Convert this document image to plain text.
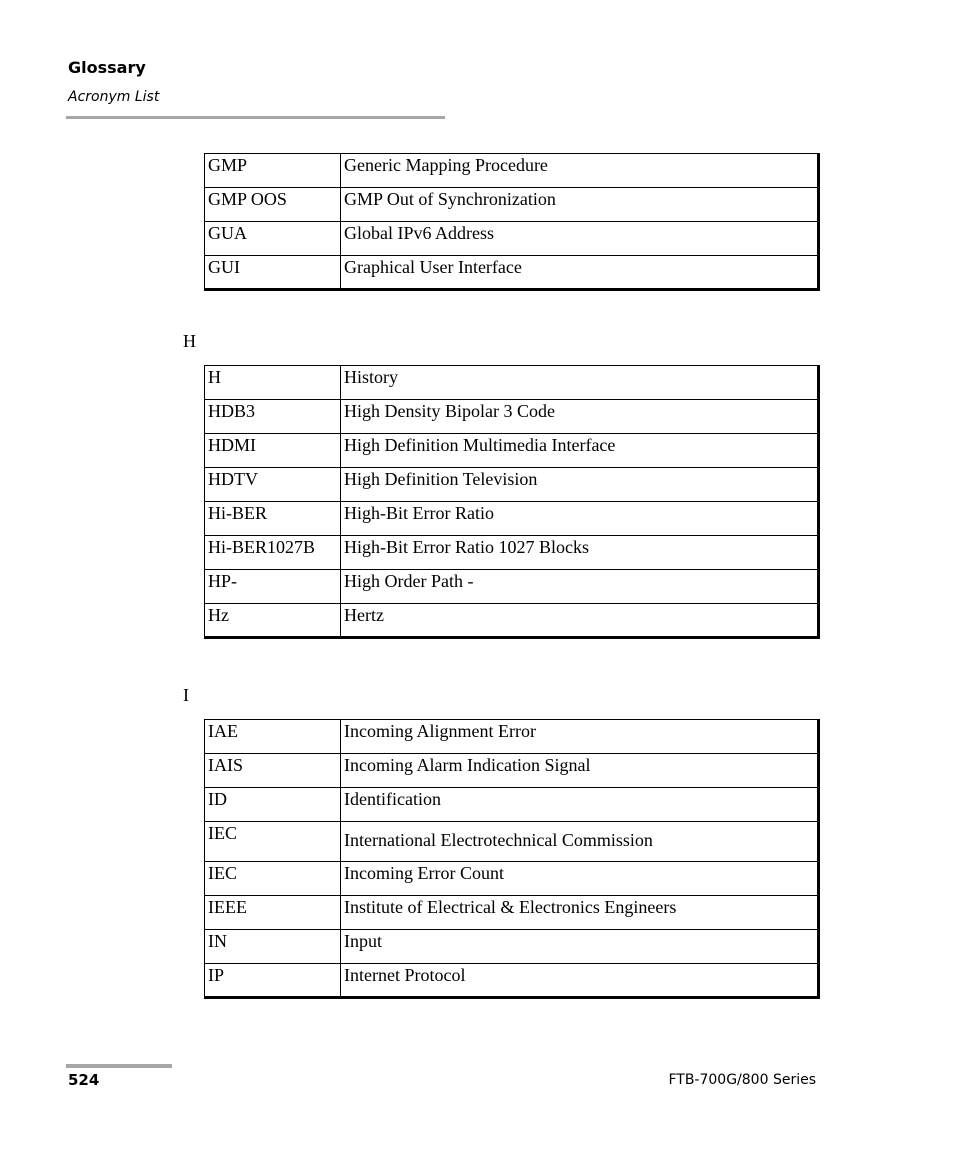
Glossary
Acronym List
GMP	Generic Mapping Procedure
GMP OOS	GMP Out of Synchronization
GUA	Global IPv6 Address
GUI	Graphical User Interface
H
H	History
HDB3	High Density Bipolar 3 Code
HDMI	High Definition Multimedia Interface
HDTV	High Definition Television
Hi-BER	High-Bit Error Ratio
Hi-BER1027B	High-Bit Error Ratio 1027 Blocks
HP-	High Order Path -
Hz	Hertz
I
IAE	Incoming Alignment Error
IAIS	Incoming Alarm Indication Signal
ID	Identification
IEC	International Electrotechnical Commission
IEC	Incoming Error Count
IEEE	Institute of Electrical & Electronics Engineers
IN	Input
IP	Internet Protocol
524	FTB-700G/800 Series
